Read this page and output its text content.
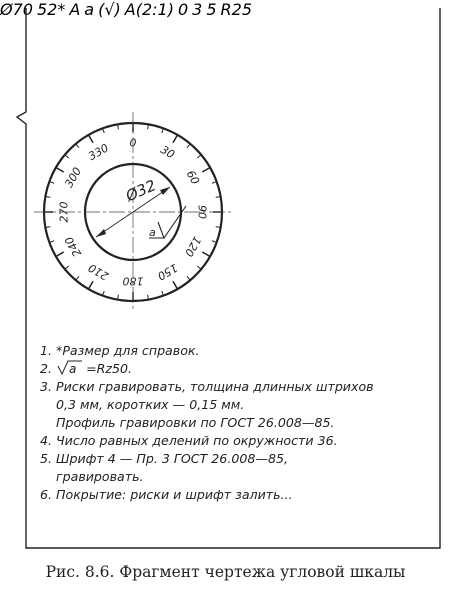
0
30
60
90
120
150
180
210
240
270
300
330
Ø32
a
Ø70 52* A a (√) A(2:1) 0 3 5 R25
1. *Размер для справок.
2. a =Rz50.
3. Риски гравировать, толщина длинных штрихов
0,3 мм, коротких — 0,15 мм.
Профиль гравировки по ГОСТ 26.008—85.
4. Число равных делений по окружности 36.
5. Шрифт 4 — Пр. 3 ГОСТ 26.008—85,
гравировать.
6. Покрытие: риски и шрифт залить...
Рис. 8.6. Фрагмент чертежа угловой шкалы
